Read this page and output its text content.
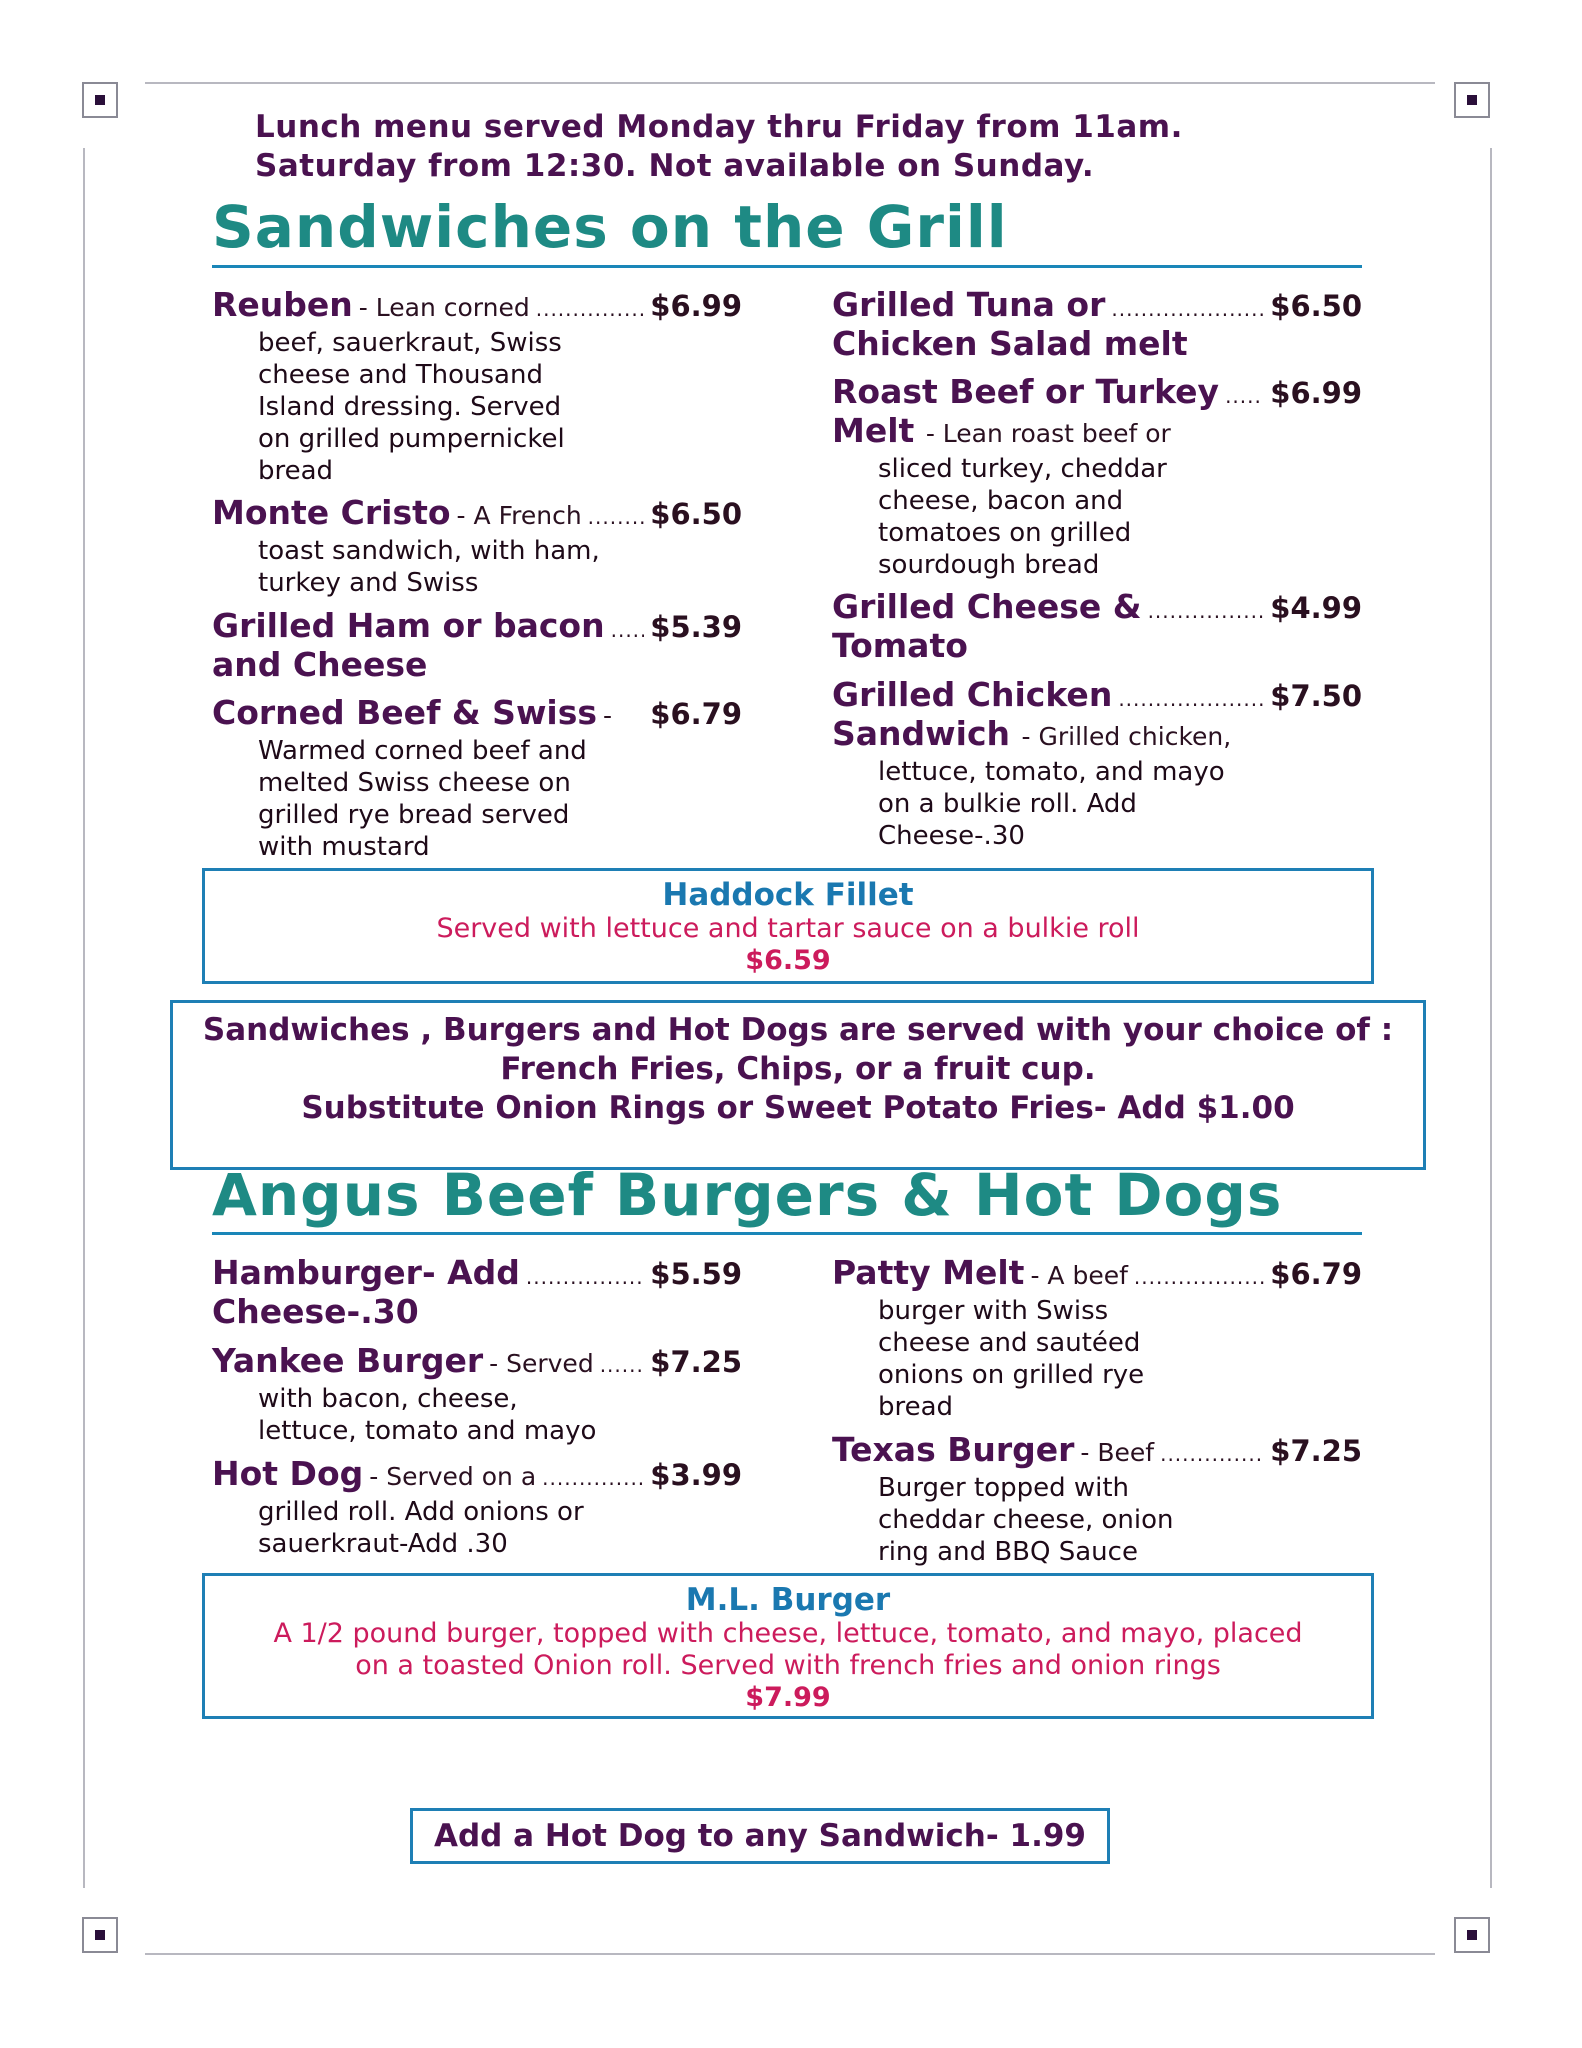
Lunch menu served Monday thru Friday from 11am.
Saturday from 12:30. Not available on Sunday.
Sandwiches on the Grill
Reuben - Lean corned .....	$6.99
beef, sauerkraut, Swiss
cheese and Thousand
Island dressing. Served
on grilled pumpernickel
bread
Monte Cristo - A French ..... $6.50
toast sandwich, with ham,
turkey and Swiss
Grilled Ham or bacon ..... $5.39
and Cheese
Corned Beef & Swiss - $6.79
Warmed corned beef and
melted Swiss cheese on
grilled rye bread served
with mustard
Grilled Tuna or .....	$6.50
Chicken Salad melt
Roast Beef or Turkey ..... $6.99
Melt - Lean roast beef or
sliced turkey, cheddar
cheese, bacon and
tomatoes on grilled
sourdough bread
Grilled Cheese & .....	$4.99
Tomato
Grilled Chicken .....	$7.50
Sandwich - Grilled chicken,
lettuce, tomato, and mayo
on a bulkie roll. Add
Cheese-.30
Haddock Fillet
Served with lettuce and tartar sauce on a bulkie roll
$6.59
Sandwiches , Burgers and Hot Dogs are served with your choice of :
French Fries, Chips, or a fruit cup.
Substitute Onion Rings or Sweet Potato Fries- Add $1.00
Angus Beef Burgers & Hot Dogs
Hamburger- Add .....	$5.59
Cheese-.30
Yankee Burger - Served ..... $7.25
with bacon, cheese,
lettuce, tomato and mayo
Hot Dog - Served on a .....	$3.99
grilled roll. Add onions or
sauerkraut-Add .30
Patty Melt - A beef .....	$6.79
burger with Swiss
cheese and sautéed
onions on grilled rye
bread
Texas Burger - Beef .....	$7.25
Burger topped with
cheddar cheese, onion
ring and BBQ Sauce
M.L. Burger
A 1/2 pound burger, topped with cheese, lettuce, tomato, and mayo, placed
on a toasted Onion roll. Served with french fries and onion rings
$7.99
Add a Hot Dog to any Sandwich- 1.99
